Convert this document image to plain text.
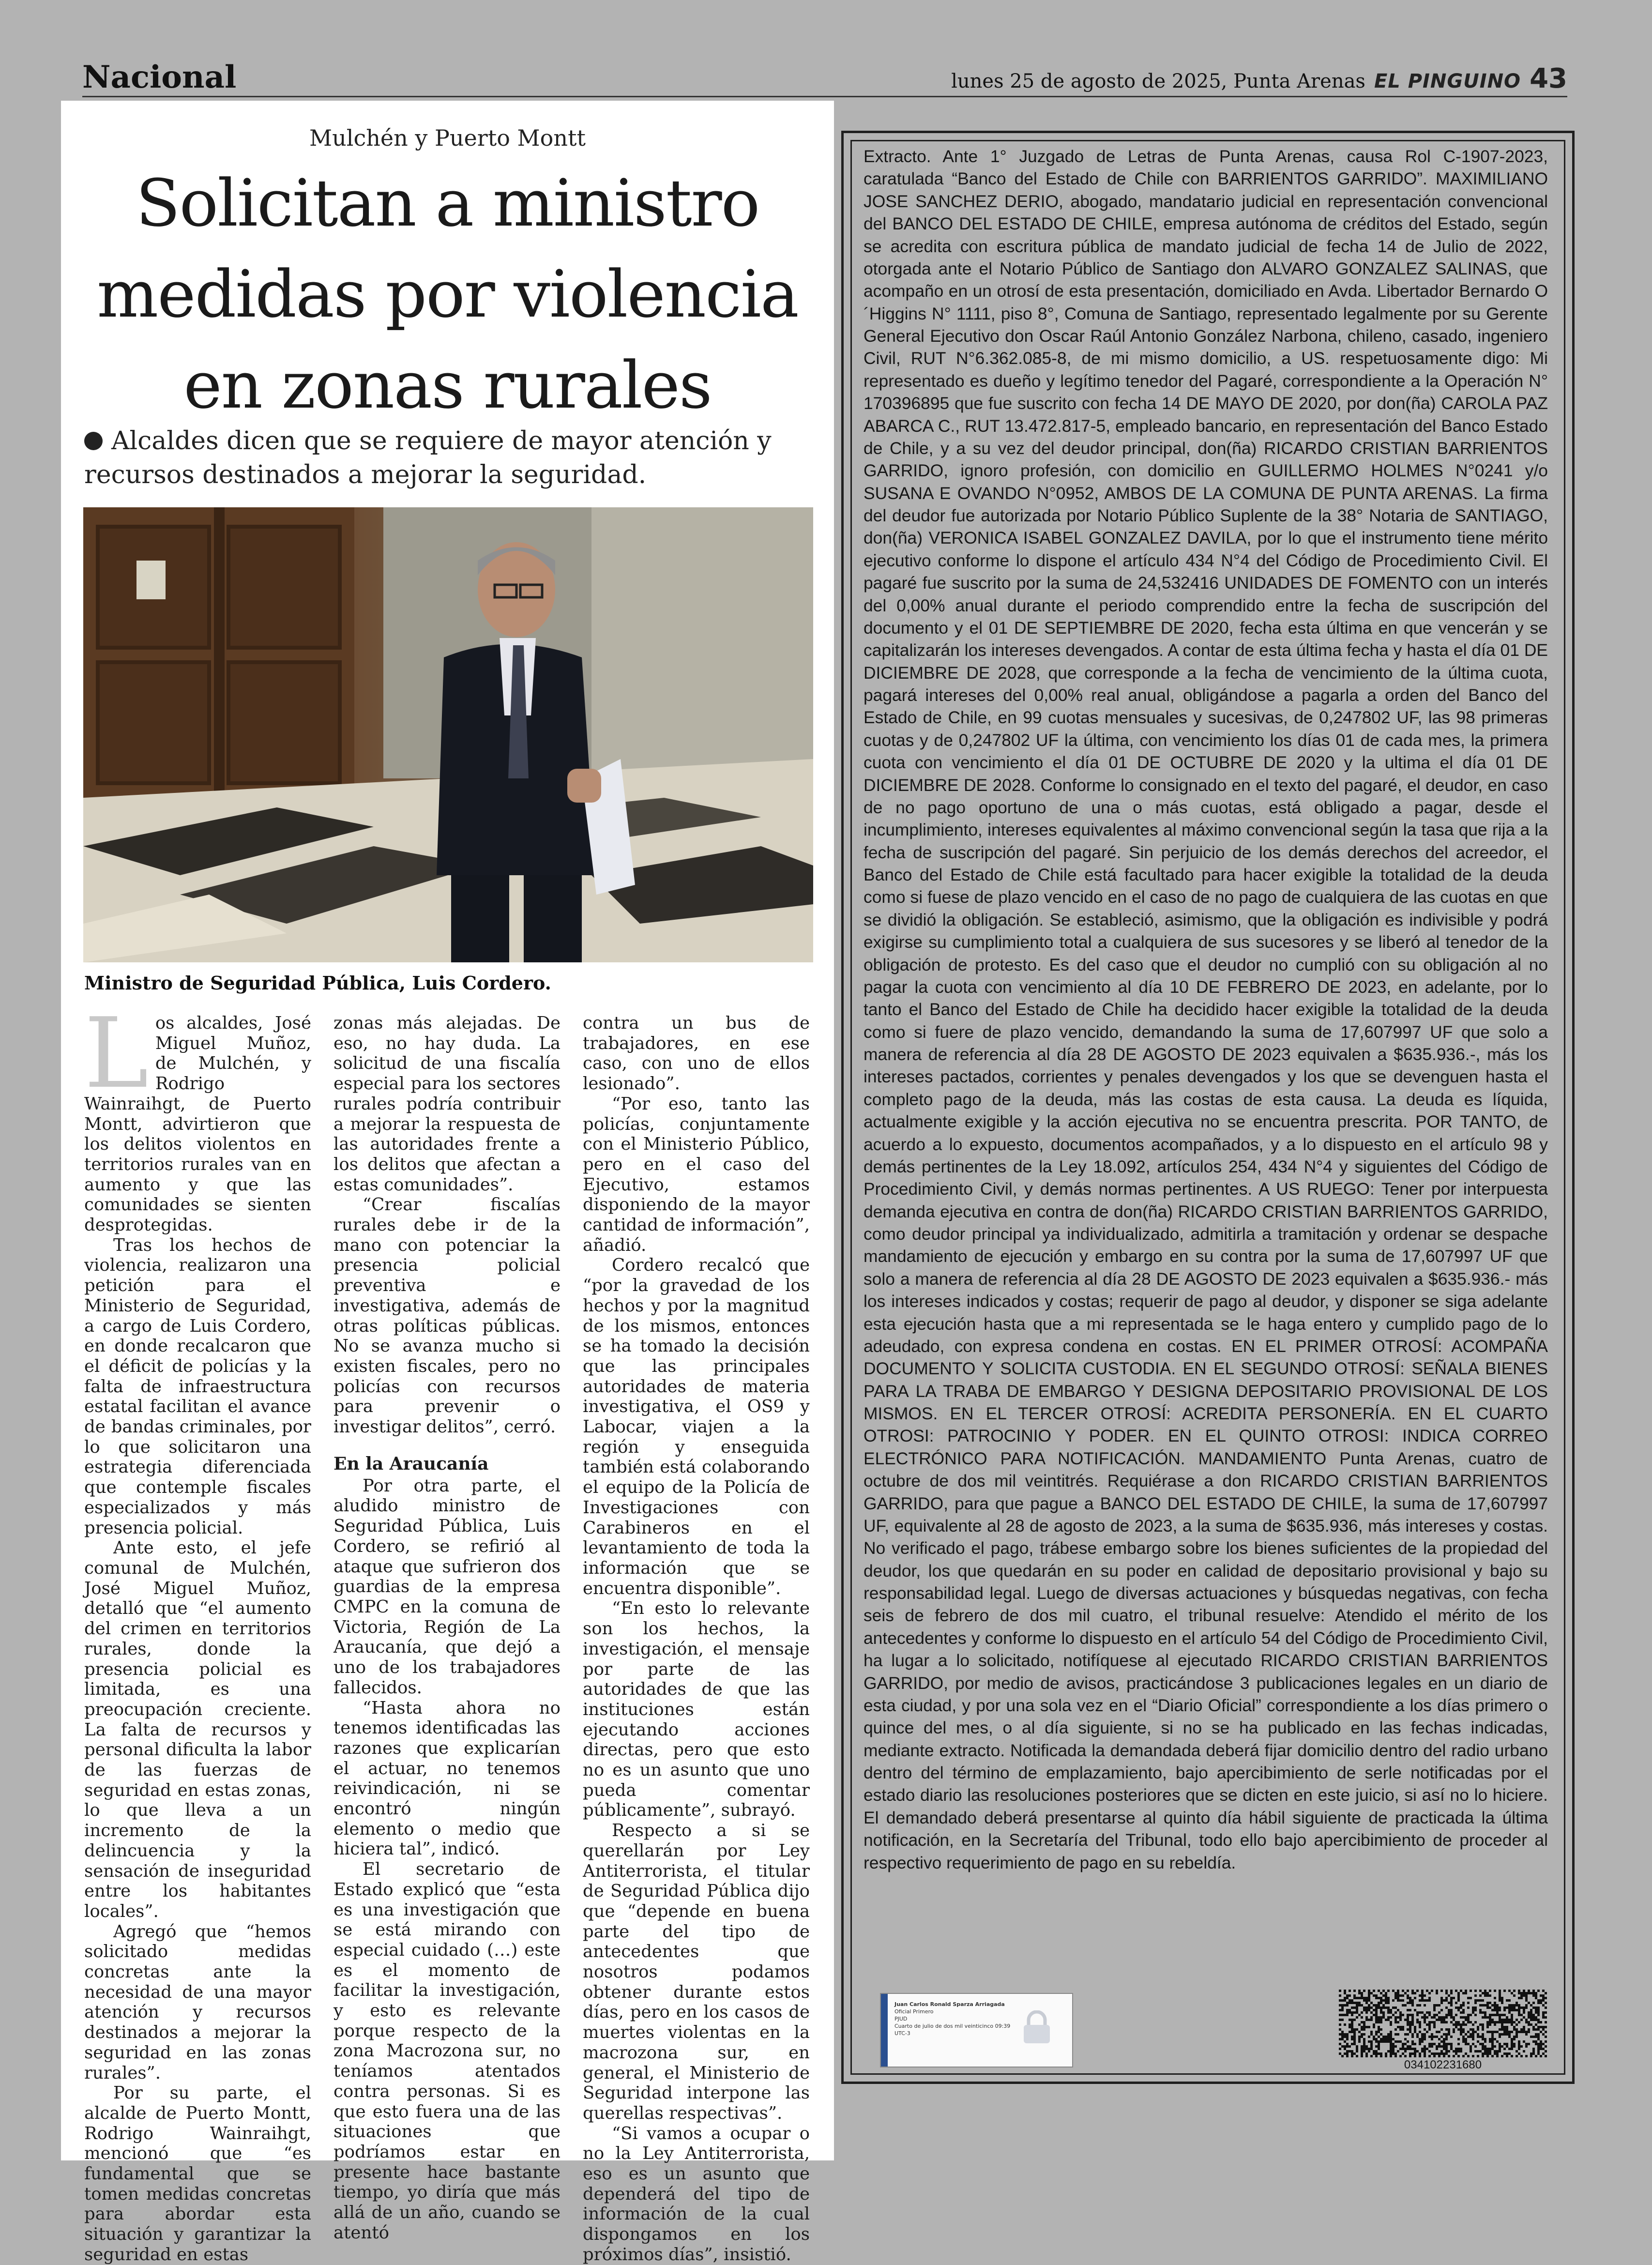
Nacional	lunes 25 de agosto de 2025, Punta Arenas EL PINGUINO 43
Mulchén y Puerto Montt
Solicitan a ministro
medidas por violencia
en zonas rurales
Alcaldes dicen que se requiere de mayor atención y recursos destinados a mejorar la seguridad.
Ministro de Seguridad Pública, Luis Cordero.

Los alcaldes, José Miguel Muñoz, de Mulchén, y Rodrigo Wainraihgt, de Puerto Montt, advirtieron que los delitos violentos en territorios rurales van en aumento y que las comunidades se sienten desprotegidas.

Tras los hechos de violencia, realizaron una petición para el Ministerio de Seguridad, a cargo de Luis Cordero, en donde recalcaron que el déficit de policías y la falta de infraestructura estatal facilitan el avance de bandas criminales, por lo que solicitaron una estrategia diferenciada que contemple fiscales especializados y más presencia policial.

Ante esto, el jefe comunal de Mulchén, José Miguel Muñoz, detalló que “el aumento del crimen en territorios rurales, donde la presencia policial es limitada, es una preocupación creciente. La falta de recursos y personal dificulta la labor de las fuerzas de seguridad en estas zonas, lo que lleva a un incremento de la delincuencia y la sensación de inseguridad entre los habitantes locales”.

Agregó que “hemos solicitado medidas concretas ante la necesidad de una mayor atención y recursos destinados a mejorar la seguridad en las zonas rurales”.

Por su parte, el alcalde de Puerto Montt, Rodrigo Wainraihgt, mencionó que “es fundamental que se tomen medidas concretas para abordar esta situación y garantizar la seguridad en estas

zonas más alejadas. De eso, no hay duda. La solicitud de una fiscalía especial para los sectores rurales podría contribuir a mejorar la respuesta de las autoridades frente a los delitos que afectan a estas comunidades”.

“Crear fiscalías rurales debe ir de la mano con potenciar la presencia policial preventiva e investigativa, además de otras políticas públicas. No se avanza mucho si existen fiscales, pero no policías con recursos para prevenir o investigar delitos”, cerró.

En la Araucanía

Por otra parte, el aludido ministro de Seguridad Pública, Luis Cordero, se refirió al ataque que sufrieron dos guardias de la empresa CMPC en la comuna de Victoria, Región de La Araucanía, que dejó a uno de los trabajadores fallecidos.

“Hasta ahora no tenemos identificadas las razones que explicarían el actuar, no tenemos reivindicación, ni se encontró ningún elemento o medio que hiciera tal”, indicó.

El secretario de Estado explicó que “esta es una investigación que se está mirando con especial cuidado (…) este es el momento de facilitar la investigación, y esto es relevante porque respecto de la zona Macrozona sur, no teníamos atentados contra personas. Si es que esto fuera una de las situaciones que podríamos estar en presente hace bastante tiempo, yo diría que más allá de un año, cuando se atentó

contra un bus de trabajadores, en ese caso, con uno de ellos lesionado”.

“Por eso, tanto las policías, conjuntamente con el Ministerio Público, pero en el caso del Ejecutivo, estamos disponiendo de la mayor cantidad de información”, añadió.

Cordero recalcó que “por la gravedad de los hechos y por la magnitud de los mismos, entonces se ha tomado la decisión que las principales autoridades de materia investigativa, el OS9 y Labocar, viajen a la región y enseguida también está colaborando el equipo de la Policía de Investigaciones con Carabineros en el levantamiento de toda la información que se encuentra disponible”.

“En esto lo relevante son los hechos, la investigación, el mensaje por parte de las autoridades de que las instituciones están ejecutando acciones directas, pero que esto no es un asunto que uno pueda comentar públicamente”, subrayó.

Respecto a si se querellarán por Ley Antiterrorista, el titular de Seguridad Pública dijo que “depende en buena parte del tipo de antecedentes que nosotros podamos obtener durante estos días, pero en los casos de muertes violentas en la macrozona sur, en general, el Ministerio de Seguridad interpone las querellas respectivas”.

“Si vamos a ocupar o no la Ley Antiterrorista, eso es un asunto que dependerá del tipo de información de la cual dispongamos en los próximos días”, insistió.

Extracto. Ante 1° Juzgado de Letras de Punta Arenas, causa Rol C-1907-2023, caratulada “Banco del Estado de Chile con BARRIENTOS GARRIDO”. MAXIMILIANO JOSE SANCHEZ DERIO, abogado, mandatario judicial en representación convencional del BANCO DEL ESTADO DE CHILE, empresa autónoma de créditos del Estado, según se acredita con escritura pública de mandato judicial de fecha 14 de Julio de 2022, otorgada ante el Notario Público de Santiago don ALVARO GONZALEZ SALINAS, que acompaño en un otrosí de esta presentación, domiciliado en Avda. Libertador Bernardo O´Higgins N° 1111, piso 8°, Comuna de Santiago, representado legalmente por su Gerente General Ejecutivo don Oscar Raúl Antonio González Narbona, chileno, casado, ingeniero Civil, RUT N°6.362.085-8, de mi mismo domicilio, a US. respetuosamente digo: Mi representado es dueño y legítimo tenedor del Pagaré, correspondiente a la Operación N° 170396895 que fue suscrito con fecha 14 DE MAYO DE 2020, por don(ña) CAROLA PAZ ABARCA C., RUT 13.472.817-5, empleado bancario, en representación del Banco Estado de Chile, y a su vez del deudor principal, don(ña) RICARDO CRISTIAN BARRIENTOS GARRIDO, ignoro profesión, con domicilio en GUILLERMO HOLMES N°0241 y/o SUSANA E OVANDO N°0952, AMBOS DE LA COMUNA DE PUNTA ARENAS. La firma del deudor fue autorizada por Notario Público Suplente de la 38° Notaria de SANTIAGO, don(ña) VERONICA ISABEL GONZALEZ DAVILA, por lo que el instrumento tiene mérito ejecutivo conforme lo dispone el artículo 434 N°4 del Código de Procedimiento Civil. El pagaré fue suscrito por la suma de 24,532416 UNIDADES DE FOMENTO con un interés del 0,00% anual durante el periodo comprendido entre la fecha de suscripción del documento y el 01 DE SEPTIEMBRE DE 2020, fecha esta última en que vencerán y se capitalizarán los intereses devengados. A contar de esta última fecha y hasta el día 01 DE DICIEMBRE DE 2028, que corresponde a la fecha de vencimiento de la última cuota, pagará intereses del 0,00% real anual, obligándose a pagarla a orden del Banco del Estado de Chile, en 99 cuotas mensuales y sucesivas, de 0,247802 UF, las 98 primeras cuotas y de 0,247802 UF la última, con vencimiento los días 01 de cada mes, la primera cuota con vencimiento el día 01 DE OCTUBRE DE 2020 y la ultima el día 01 DE DICIEMBRE DE 2028. Conforme lo consignado en el texto del pagaré, el deudor, en caso de no pago oportuno de una o más cuotas, está obligado a pagar, desde el incumplimiento, intereses equivalentes al máximo convencional según la tasa que rija a la fecha de suscripción del pagaré. Sin perjuicio de los demás derechos del acreedor, el Banco del Estado de Chile está facultado para hacer exigible la totalidad de la deuda como si fuese de plazo vencido en el caso de no pago de cualquiera de las cuotas en que se dividió la obligación. Se estableció, asimismo, que la obligación es indivisible y podrá exigirse su cumplimiento total a cualquiera de sus sucesores y se liberó al tenedor de la obligación de protesto. Es del caso que el deudor no cumplió con su obligación al no pagar la cuota con vencimiento al día 10 DE FEBRERO DE 2023, en adelante, por lo tanto el Banco del Estado de Chile ha decidido hacer exigible la totalidad de la deuda como si fuere de plazo vencido, demandando la suma de 17,607997 UF que solo a manera de referencia al día 28 DE AGOSTO DE 2023 equivalen a $635.936.-, más los intereses pactados, corrientes y penales devengados y los que se devenguen hasta el completo pago de la deuda, más las costas de esta causa. La deuda es líquida, actualmente exigible y la acción ejecutiva no se encuentra prescrita. POR TANTO, de acuerdo a lo expuesto, documentos acompañados, y a lo dispuesto en el artículo 98 y demás pertinentes de la Ley 18.092, artículos 254, 434 N°4 y siguientes del Código de Procedimiento Civil, y demás normas pertinentes. A US RUEGO: Tener por interpuesta demanda ejecutiva en contra de don(ña) RICARDO CRISTIAN BARRIENTOS GARRIDO, como deudor principal ya individualizado, admitirla a tramitación y ordenar se despache mandamiento de ejecución y embargo en su contra por la suma de 17,607997 UF que solo a manera de referencia al día 28 DE AGOSTO DE 2023 equivalen a $635.936.- más los intereses indicados y costas; requerir de pago al deudor, y disponer se siga adelante esta ejecución hasta que a mi representada se le haga entero y cumplido pago de lo adeudado, con expresa condena en costas. EN EL PRIMER OTROSÍ: ACOMPAÑA DOCUMENTO Y SOLICITA CUSTODIA. EN EL SEGUNDO OTROSÍ: SEÑALA BIENES PARA LA TRABA DE EMBARGO Y DESIGNA DEPOSITARIO PROVISIONAL DE LOS MISMOS. EN EL TERCER OTROSÍ: ACREDITA PERSONERÍA. EN EL CUARTO OTROSI: PATROCINIO Y PODER. EN EL QUINTO OTROSI: INDICA CORREO ELECTRÓNICO PARA NOTIFICACIÓN. MANDAMIENTO Punta Arenas, cuatro de octubre de dos mil veintitrés. Requiérase a don RICARDO CRISTIAN BARRIENTOS GARRIDO, para que pague a BANCO DEL ESTADO DE CHILE, la suma de 17,607997 UF, equivalente al 28 de agosto de 2023, a la suma de $635.936, más intereses y costas. No verificado el pago, trábese embargo sobre los bienes suficientes de la propiedad del deudor, los que quedarán en su poder en calidad de depositario provisional y bajo su responsabilidad legal. Luego de diversas actuaciones y búsquedas negativas, con fecha seis de febrero de dos mil cuatro, el tribunal resuelve: Atendido el mérito de los antecedentes y conforme lo dispuesto en el artículo 54 del Código de Procedimiento Civil, ha lugar a lo solicitado, notifíquese al ejecutado RICARDO CRISTIAN BARRIENTOS GARRIDO, por medio de avisos, practicándose 3 publicaciones legales en un diario de esta ciudad, y por una sola vez en el “Diario Oficial” correspondiente a los días primero o quince del mes, o al día siguiente, si no se ha publicado en las fechas indicadas, mediante extracto. Notificada la demandada deberá fijar domicilio dentro del radio urbano dentro del término de emplazamiento, bajo apercibimiento de serle notificadas por el estado diario las resoluciones posteriores que se dicten en este juicio, si así no lo hiciere. El demandado deberá presentarse al quinto día hábil siguiente de practicada la última notificación, en la Secretaría del Tribunal, todo ello bajo apercibimiento de proceder al respectivo requerimiento de pago en su rebeldía.
Juan Carlos Ronald Sparza Arriagada
Oficial Primero
PJUD
Cuarto de julio de dos mil veinticinco 09:39
UTC-3
034102231680
